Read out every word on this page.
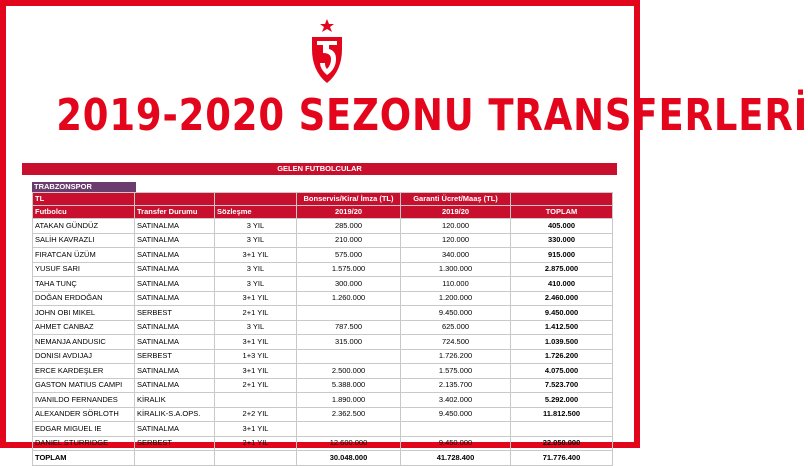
2019-2020 SEZONU TRANSFERLERİ
GELEN FUTBOLCULAR
TRABZONSPOR
TL			Bonservis/Kira/ İmza (TL)	Garanti Ücret/Maaş (TL)	
Futbolcu	Transfer Durumu	Sözleşme	2019/20	2019/20	TOPLAM
ATAKAN GÜNDÜZ	SATINALMA	3 YIL	285.000	120.000	405.000
SALİH KAVRAZLI	SATINALMA	3 YIL	210.000	120.000	330.000
FIRATCAN ÜZÜM	SATINALMA	3+1 YIL	575.000	340.000	915.000
YUSUF SARI	SATINALMA	3 YIL	1.575.000	1.300.000	2.875.000
TAHA TUNÇ	SATINALMA	3 YIL	300.000	110.000	410.000
DOĞAN ERDOĞAN	SATINALMA	3+1 YIL	1.260.000	1.200.000	2.460.000
JOHN OBI MIKEL	SERBEST	2+1 YIL		9.450.000	9.450.000
AHMET CANBAZ	SATINALMA	3 YIL	787.500	625.000	1.412.500
NEMANJA ANDUSIC	SATINALMA	3+1 YIL	315.000	724.500	1.039.500
DONISI AVDIJAJ	SERBEST	1+3 YIL		1.726.200	1.726.200
ERCE KARDEŞLER	SATINALMA	3+1 YIL	2.500.000	1.575.000	4.075.000
GASTON MATIUS CAMPI	SATINALMA	2+1 YIL	5.388.000	2.135.700	7.523.700
IVANILDO FERNANDES	KİRALIK		1.890.000	3.402.000	5.292.000
ALEXANDER SÖRLOTH	KİRALIK-S.A.OPS.	2+2 YIL	2.362.500	9.450.000	11.812.500
EDGAR MIGUEL IE	SATINALMA	3+1 YIL			
DANIEL STURRIDGE	SERBEST	2+1 YIL	12.600.000	9.450.000	22.050.000
TOPLAM			30.048.000	41.728.400	71.776.400
